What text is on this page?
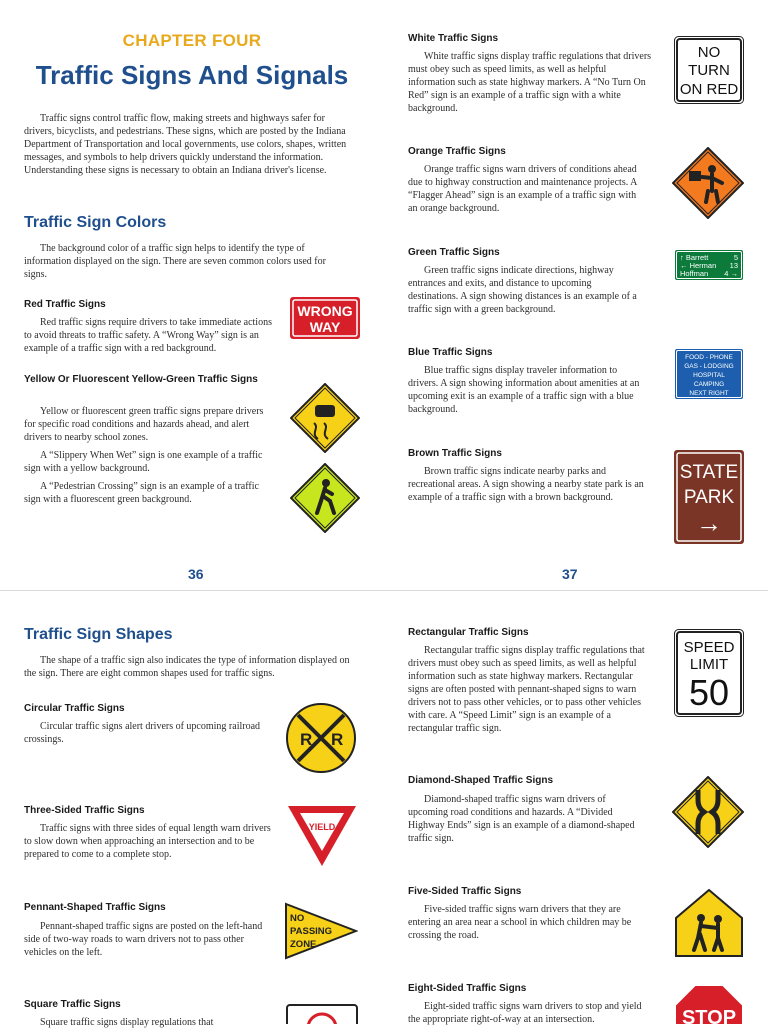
CHAPTER FOUR
Traffic Signs And Signals

Traffic signs control traffic flow, making streets and highways safer for drivers, bicyclists, and pedestrians. These signs, which are posted by the Indiana Department of Transportation and local governments, use colors, shapes, written messages, and symbols to help drivers quickly understand the information. Understanding these signs is necessary to obtain an Indiana driver's license.

Traffic Sign Colors

The background color of a traffic sign helps to identify the type of information displayed on the sign. There are seven common colors used for signs.

Red Traffic Signs

Red traffic signs require drivers to take immediate actions to avoid threats to traffic safety. A “Wrong Way” sign is an example of a traffic sign with a red background.

WRONG
WAY
Yellow Or Fluorescent Yellow-Green Traffic Signs

Yellow or fluorescent green traffic signs prepare drivers for specific road conditions and hazards ahead, and alert drivers to nearby school zones.

A “Slippery When Wet” sign is one example of a traffic sign with a yellow background.

A “Pedestrian Crossing” sign is an example of a traffic sign with a fluorescent green background.

36
White Traffic Signs

White traffic signs display traffic regulations that drivers must obey such as speed limits, as well as helpful information such as state highway markers. A “No Turn On Red” sign is an example of a traffic sign with a white background.

NO
TURN
ON RED
Orange Traffic Signs

Orange traffic signs warn drivers of conditions ahead due to highway construction and maintenance projects. A “Flagger Ahead” sign is an example of a traffic sign with an orange background.

Green Traffic Signs

Green traffic signs indicate directions, highway entrances and exits, and distance to upcoming destinations. A sign showing distances is an example of a traffic sign with a green background.

↑ Barrett	5
← Herman 13
Hoffman 4 →
Blue Traffic Signs

Blue traffic signs display traveler information to drivers. A sign showing information about amenities at an upcoming exit is an example of a traffic sign with a blue background.

FOOD - PHONE
GAS - LODGING
HOSPITAL
CAMPING
NEXT RIGHT
Brown Traffic Signs

Brown traffic signs indicate nearby parks and recreational areas. A sign showing a nearby state park is an example of a traffic sign with a brown background.

STATE
PARK
→
37
Traffic Sign Shapes

The shape of a traffic sign also indicates the type of information displayed on the sign. There are eight common shapes used for traffic signs.

Circular Traffic Signs

Circular traffic signs alert drivers of upcoming railroad crossings.	R R
Three-Sided Traffic Signs

Traffic signs with three sides of equal length warn drivers to slow down when approaching an intersection and to be prepared to come to a complete stop.

YIELD
Pennant-Shaped Traffic Signs

Pennant-shaped traffic signs are posted on the left-hand side of two-way roads to warn drivers not to pass other vehicles on the left.

NO
PASSING
ZONE
Square Traffic Signs

Square traffic signs display regulations that

Rectangular Traffic Signs

Rectangular traffic signs display traffic regulations that drivers must obey such as speed limits, as well as helpful information such as state highway markers. Rectangular signs are often posted with pennant-shaped signs to warn drivers not to pass other vehicles, or to pass other vehicles with care. A “Speed Limit” sign is an example of a rectangular traffic sign.

SPEED
LIMIT
50
Diamond-Shaped Traffic Signs

Diamond-shaped traffic signs warn drivers of upcoming road conditions and hazards. A “Divided Highway Ends” sign is an example of a diamond-shaped traffic sign.

Five-Sided Traffic Signs

Five-sided traffic signs warn drivers that they are entering an area near a school in which children may be crossing the road.

Eight-Sided Traffic Signs

Eight-sided traffic signs warn drivers to stop and yield the appropriate right-of-way at an intersection.	STOP
